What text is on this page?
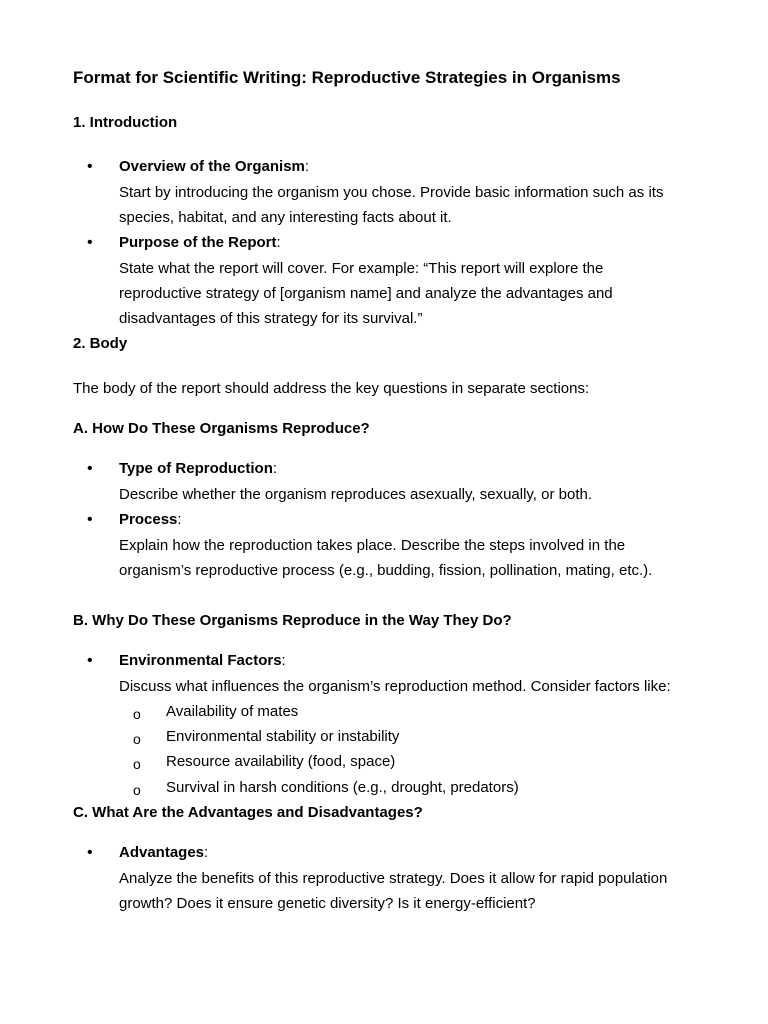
Format for Scientific Writing: Reproductive Strategies in Organisms
1. Introduction
• Overview of the Organism:
Start by introducing the organism you chose. Provide basic information such as its
species, habitat, and any interesting facts about it.
• Purpose of the Report:
State what the report will cover. For example: “This report will explore the
reproductive strategy of [organism name] and analyze the advantages and
disadvantages of this strategy for its survival.”
2. Body
The body of the report should address the key questions in separate sections:
A. How Do These Organisms Reproduce?
• Type of Reproduction:
Describe whether the organism reproduces asexually, sexually, or both.
• Process:
Explain how the reproduction takes place. Describe the steps involved in the
organism’s reproductive process (e.g., budding, fission, pollination, mating, etc.).
B. Why Do These Organisms Reproduce in the Way They Do?
• Environmental Factors:
Discuss what influences the organism’s reproduction method. Consider factors like:
o Availability of mates
o Environmental stability or instability
o Resource availability (food, space)
o Survival in harsh conditions (e.g., drought, predators)
C. What Are the Advantages and Disadvantages?
• Advantages:
Analyze the benefits of this reproductive strategy. Does it allow for rapid population
growth? Does it ensure genetic diversity? Is it energy-efficient?
